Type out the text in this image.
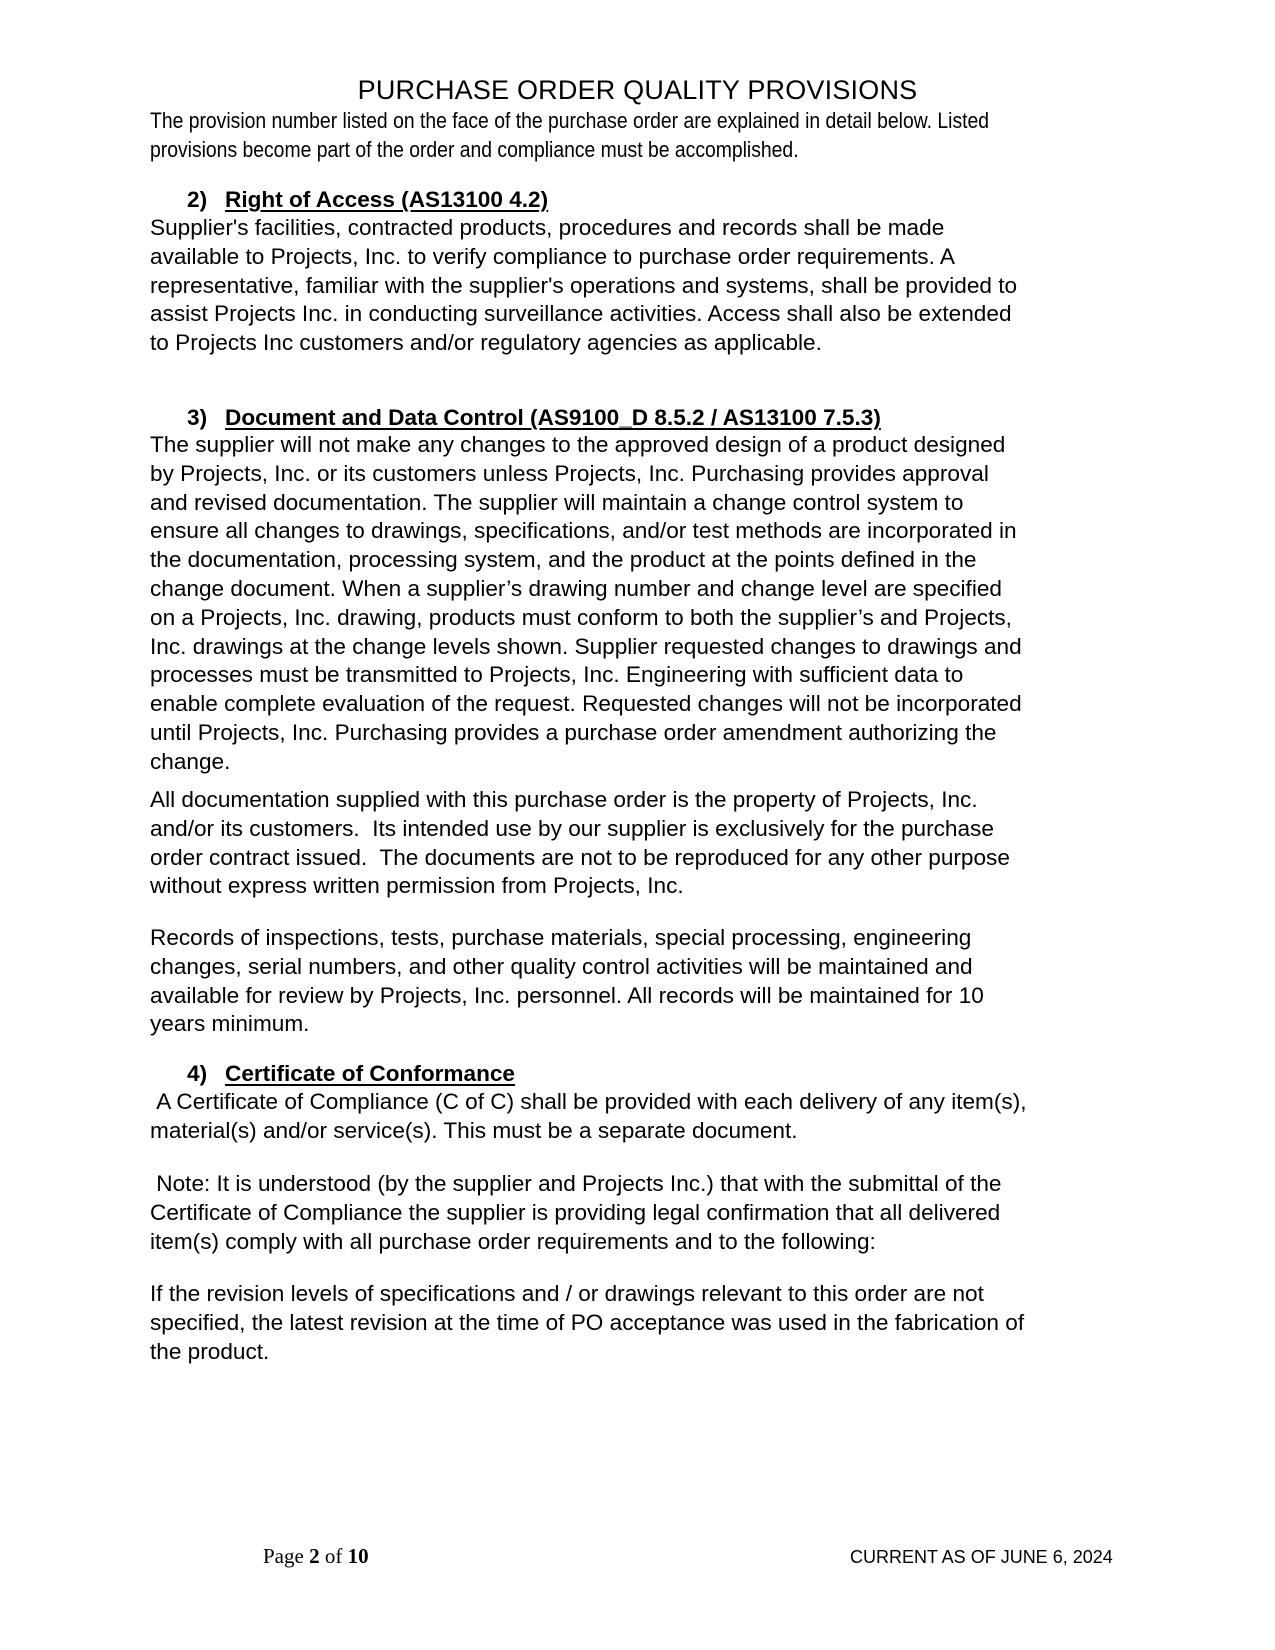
PURCHASE ORDER QUALITY PROVISIONS
The provision number listed on the face of the purchase order are explained in detail below. Listed
provisions become part of the order and compliance must be accomplished.
2) Right of Access (AS13100 4.2)

Supplier's facilities, contracted products, procedures and records shall be made
available to Projects, Inc. to verify compliance to purchase order requirements. A
representative, familiar with the supplier's operations and systems, shall be provided to
assist Projects Inc. in conducting surveillance activities. Access shall also be extended
to Projects Inc customers and/or regulatory agencies as applicable.

3) Document and Data Control (AS9100_D 8.5.2 / AS13100 7.5.3)

The supplier will not make any changes to the approved design of a product designed
by Projects, Inc. or its customers unless Projects, Inc. Purchasing provides approval
and revised documentation. The supplier will maintain a change control system to
ensure all changes to drawings, specifications, and/or test methods are incorporated in
the documentation, processing system, and the product at the points defined in the
change document. When a supplier’s drawing number and change level are specified
on a Projects, Inc. drawing, products must conform to both the supplier’s and Projects,
Inc. drawings at the change levels shown. Supplier requested changes to drawings and
processes must be transmitted to Projects, Inc. Engineering with sufficient data to
enable complete evaluation of the request. Requested changes will not be incorporated
until Projects, Inc. Purchasing provides a purchase order amendment authorizing the
change.

All documentation supplied with this purchase order is the property of Projects, Inc.
and/or its customers.  Its intended use by our supplier is exclusively for the purchase
order contract issued.  The documents are not to be reproduced for any other purpose
without express written permission from Projects, Inc.

Records of inspections, tests, purchase materials, special processing, engineering
changes, serial numbers, and other quality control activities will be maintained and
available for review by Projects, Inc. personnel. All records will be maintained for 10
years minimum.

4) Certificate of Conformance

A Certificate of Compliance (C of C) shall be provided with each delivery of any item(s),
material(s) and/or service(s). This must be a separate document.

Note: It is understood (by the supplier and Projects Inc.) that with the submittal of the
Certificate of Compliance the supplier is providing legal confirmation that all delivered
item(s) comply with all purchase order requirements and to the following:

If the revision levels of specifications and / or drawings relevant to this order are not
specified, the latest revision at the time of PO acceptance was used in the fabrication of
the product.

Page 2 of 10	CURRENT AS OF JUNE 6, 2024
